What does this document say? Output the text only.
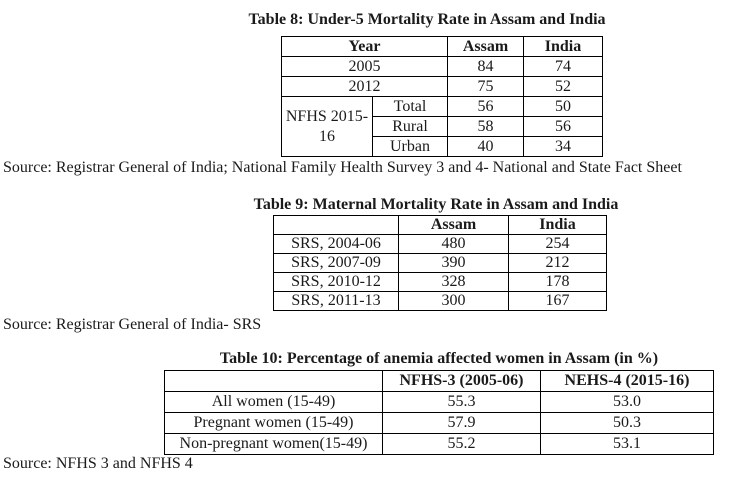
Table 8: Under-5 Mortality Rate in Assam and India
Year		Assam	India
2005		84	74
2012		75	52
NFHS 2015-16	Total	56	50
	Rural	58	56
	Urban	40	34
Source: Registrar General of India; National Family Health Survey 3 and 4- National and State Fact Sheet
Table 9: Maternal Mortality Rate in Assam and India
	Assam	India
SRS, 2004-06	480	254
SRS, 2007-09	390	212
SRS, 2010-12	328	178
SRS, 2011-13	300	167
Source: Registrar General of India- SRS
Table 10: Percentage of anemia affected women in Assam (in %)
	NFHS-3 (2005-06)	NEHS-4 (2015-16)
All women (15-49)	55.3	53.0
Pregnant women (15-49)	57.9	50.3
Non-pregnant women(15-49)	55.2	53.1
Source: NFHS 3 and NFHS 4
